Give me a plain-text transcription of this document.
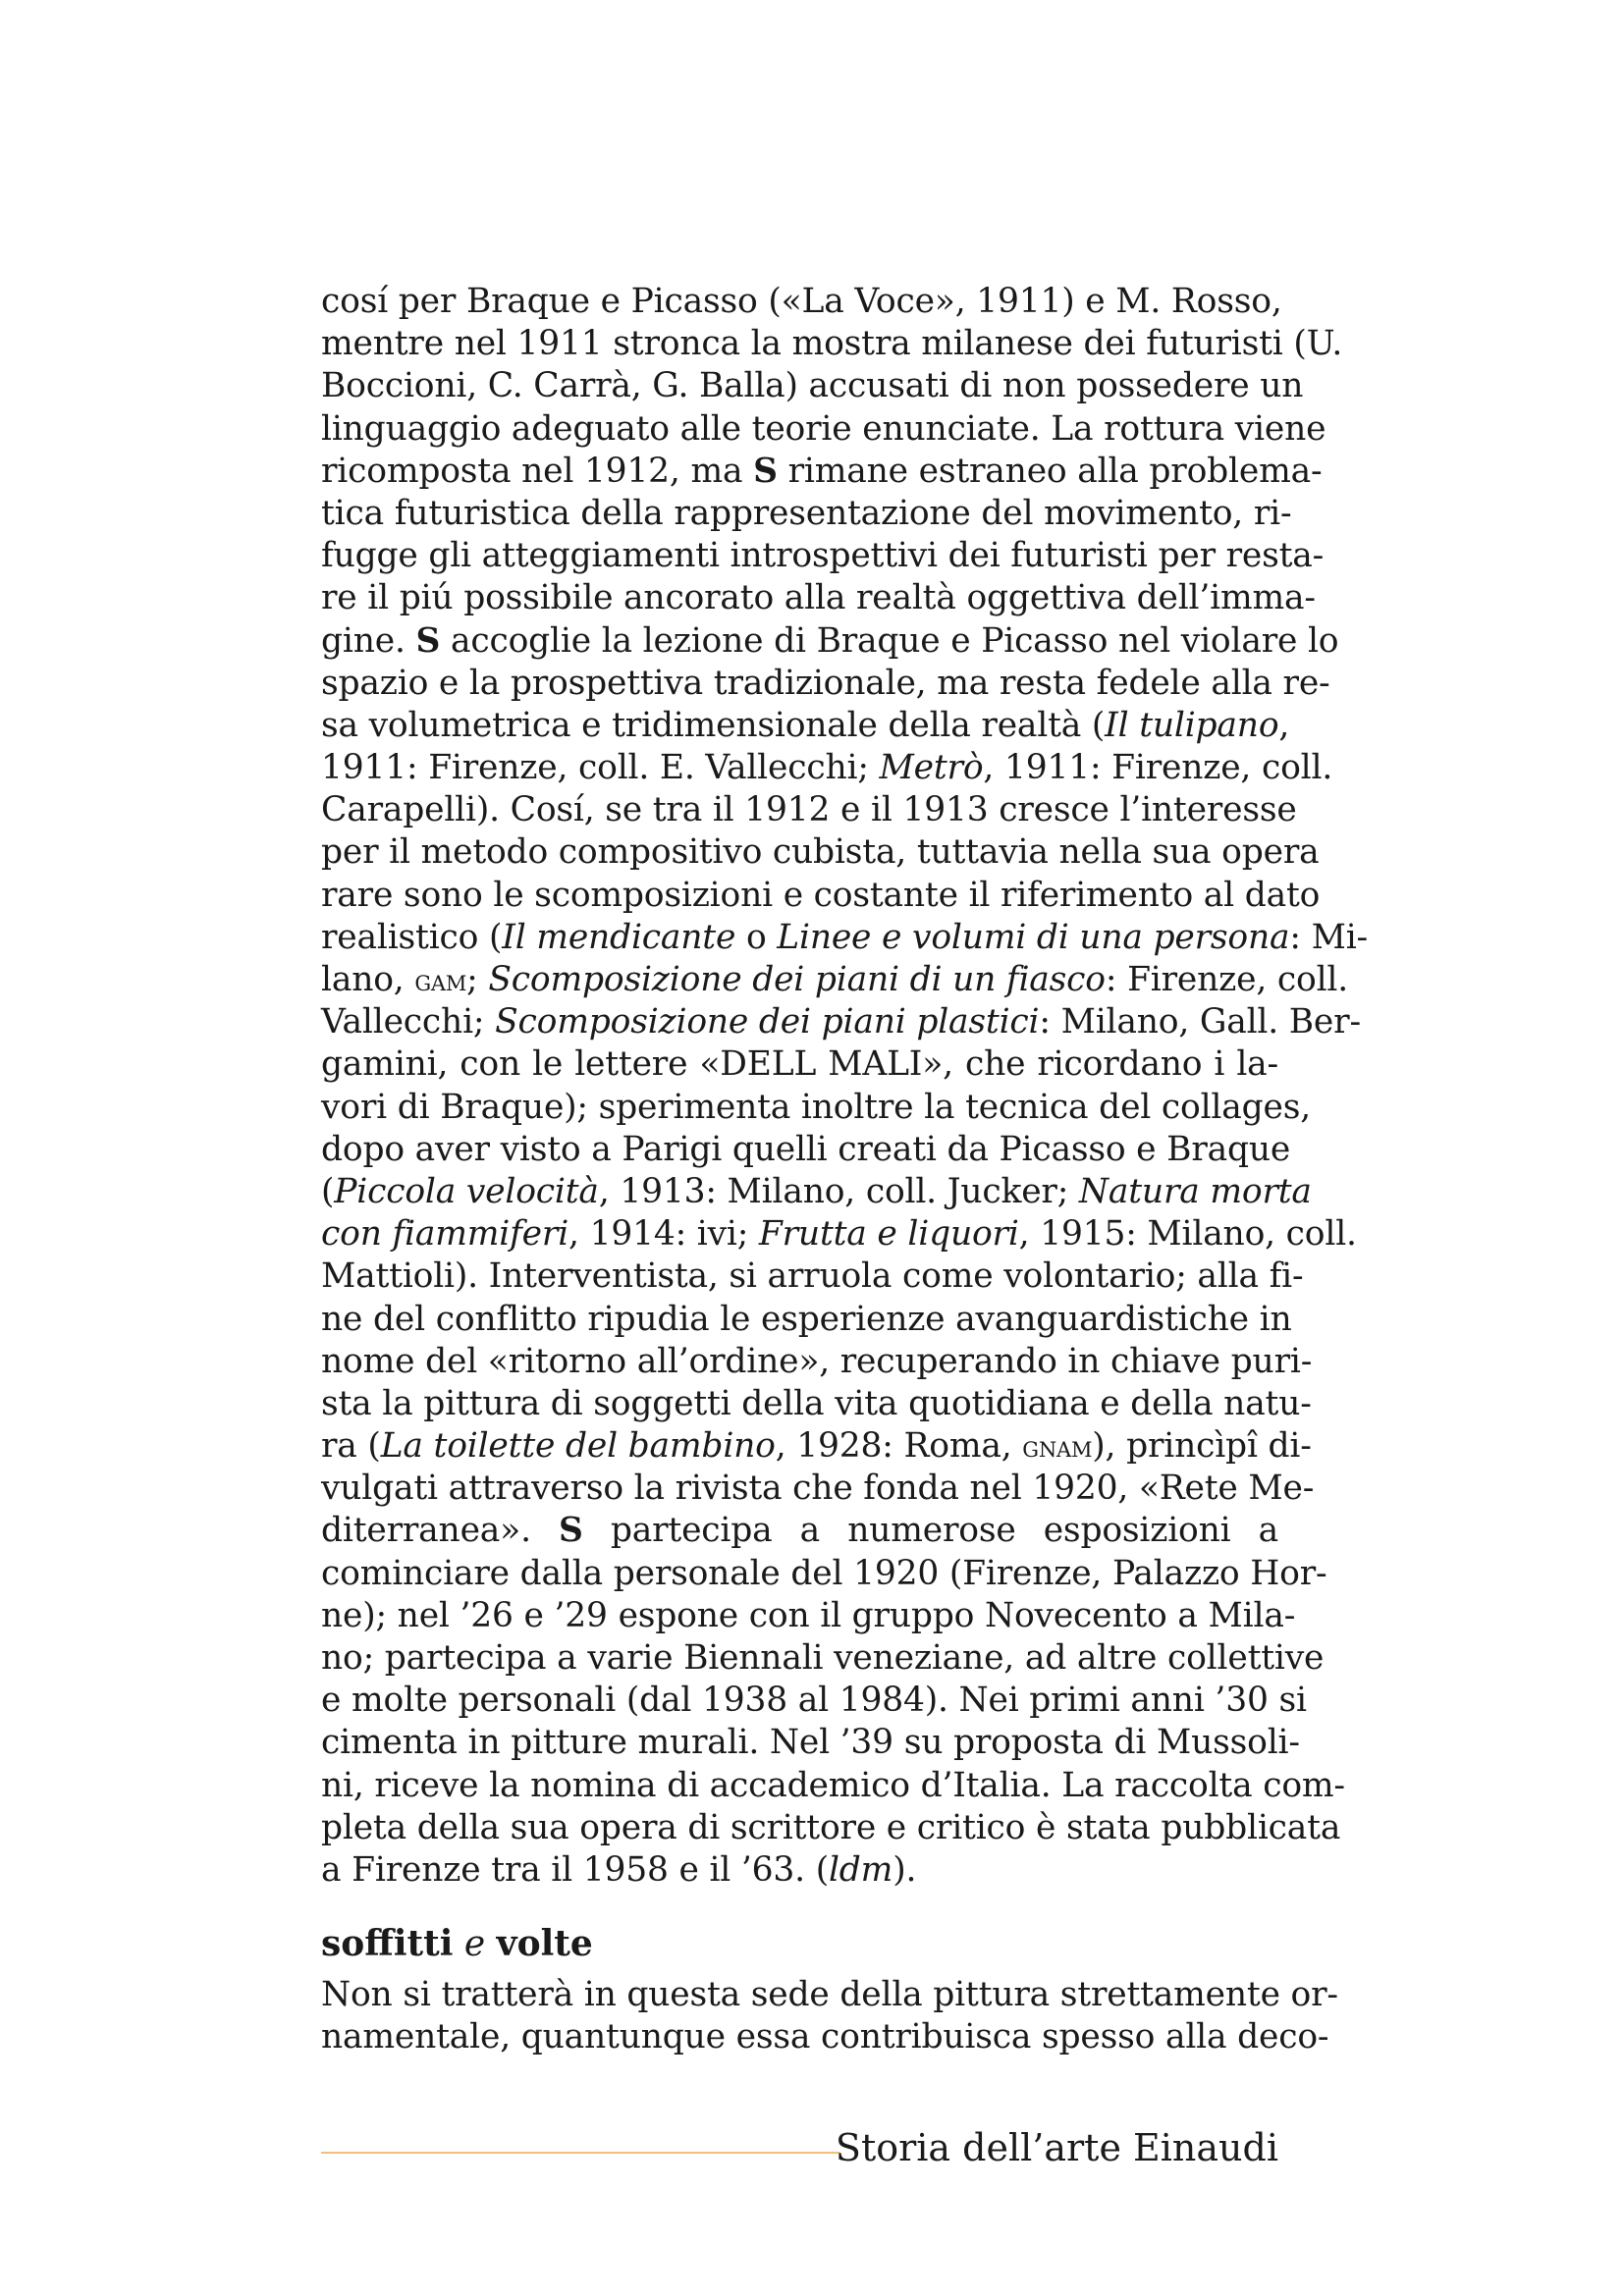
cosí per Braque e Picasso («La Voce», 1911) e M. Rosso,
mentre nel 1911 stronca la mostra milanese dei futuristi (U.
Boccioni, C. Carrà, G. Balla) accusati di non possedere un
linguaggio adeguato alle teorie enunciate. La rottura viene
ricomposta nel 1912, ma S rimane estraneo alla problema-
tica futuristica della rappresentazione del movimento, ri-
fugge gli atteggiamenti introspettivi dei futuristi per resta-
re il piú possibile ancorato alla realtà oggettiva dell’imma-
gine. S accoglie la lezione di Braque e Picasso nel violare lo
spazio e la prospettiva tradizionale, ma resta fedele alla re-
sa volumetrica e tridimensionale della realtà (Il tulipano,
1911: Firenze, coll. E. Vallecchi; Metrò, 1911: Firenze, coll.
Carapelli). Cosí, se tra il 1912 e il 1913 cresce l’interesse
per il metodo compositivo cubista, tuttavia nella sua opera
rare sono le scomposizioni e costante il riferimento al dato
realistico (Il mendicante o Linee e volumi di una persona: Mi-
lano, gam; Scomposizione dei piani di un fiasco: Firenze, coll.
Vallecchi; Scomposizione dei piani plastici: Milano, Gall. Ber-
gamini, con le lettere «DELL MALI», che ricordano i la-
vori di Braque); sperimenta inoltre la tecnica del collages,
dopo aver visto a Parigi quelli creati da Picasso e Braque
(Piccola velocità, 1913: Milano, coll. Jucker; Natura morta
con fiammiferi, 1914: ivi; Frutta e liquori, 1915: Milano, coll.
Mattioli). Interventista, si arruola come volontario; alla fi-
ne del conflitto ripudia le esperienze avanguardistiche in
nome del «ritorno all’ordine», recuperando in chiave puri-
sta la pittura di soggetti della vita quotidiana e della natu-
ra (La toilette del bambino, 1928: Roma, gnam), princìpî di-
vulgati attraverso la rivista che fonda nel 1920, «Rete Me-
diterranea». S partecipa a numerose esposizioni a
cominciare dalla personale del 1920 (Firenze, Palazzo Hor-
ne); nel ’26 e ’29 espone con il gruppo Novecento a Mila-
no; partecipa a varie Biennali veneziane, ad altre collettive
e molte personali (dal 1938 al 1984). Nei primi anni ’30 si
cimenta in pitture murali. Nel ’39 su proposta di Mussoli-
ni, riceve la nomina di accademico d’Italia. La raccolta com-
pleta della sua opera di scrittore e critico è stata pubblicata
a Firenze tra il 1958 e il ’63. (ldm).
soffitti e volte
Non si tratterà in questa sede della pittura strettamente or-
namentale, quantunque essa contribuisca spesso alla deco-
Storia dell’arte Einaudi
